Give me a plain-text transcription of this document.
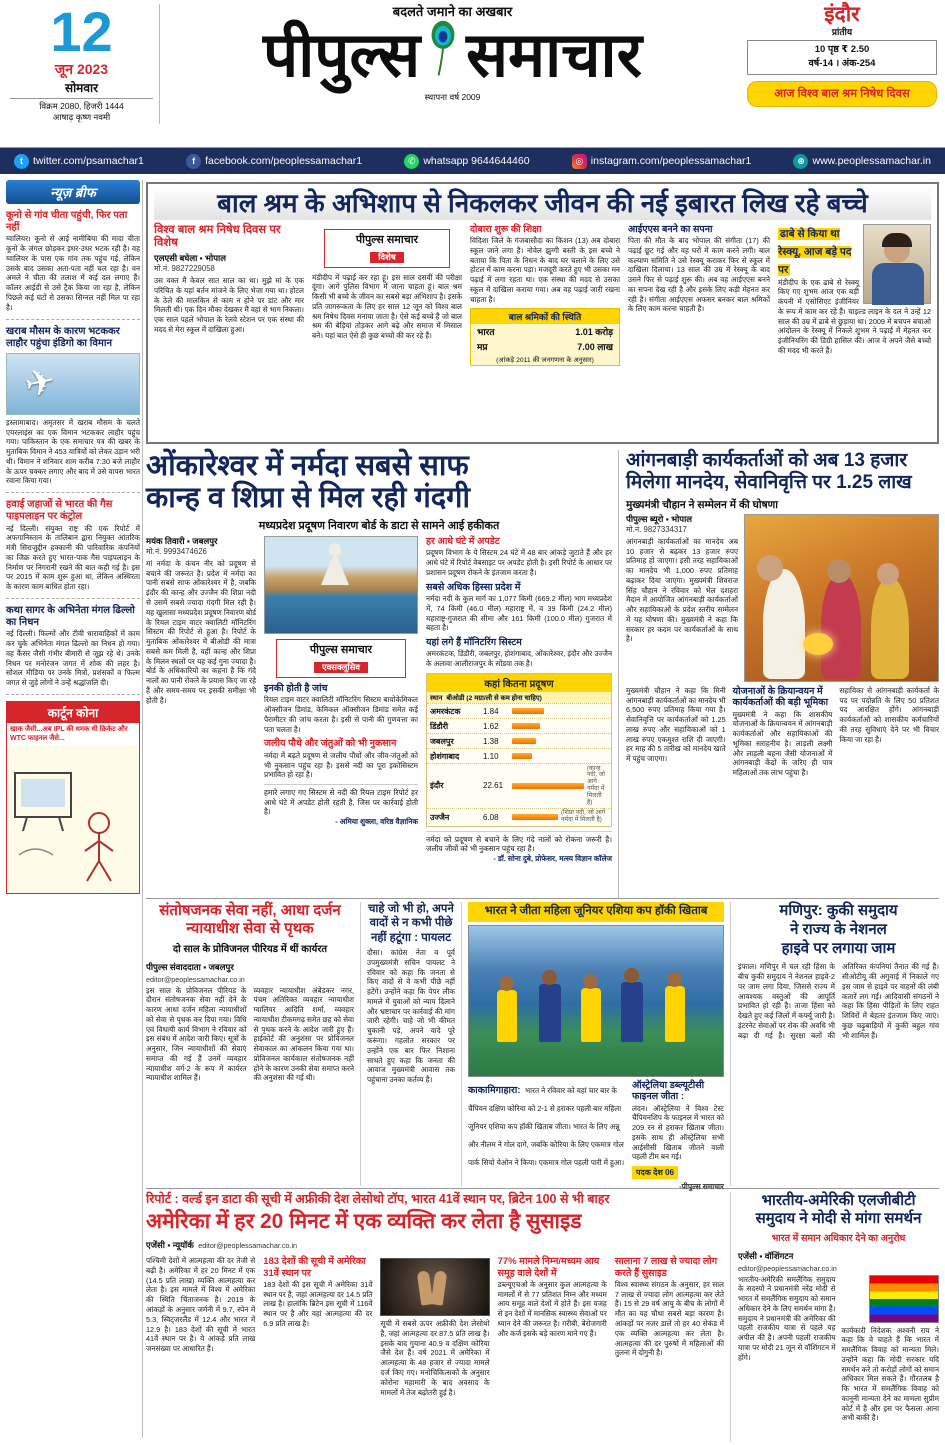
12
जून 2023
सोमवार
विक्रम 2080, हिजरी 1444
आषाढ़ कृष्ण नवमी
बदलते जमाने का अखबार
पीपुल्स समाचार
स्थापना वर्ष 2009
इंदौर
प्रांतीय
10 पृष्ठ ₹ 2.50
वर्ष-14 । अंक-254
आज विश्व बाल श्रम निषेध दिवस
t twitter.com/psamachar1	f facebook.com/peoplessamachar1	✆ whatsapp 9644644460	◎ instagram.com/peoplessamachar1	⊕ www.peoplessamachar.in
न्यूज़ ब्रीफ
कूनो से गांव चीता पहुंची, फिर पता नहीं
ग्वालियर। कूनो से आई नामीबिया की मादा चीता कूनो के जंगल छोड़कर इधर-उधर भटक रही है। वह ग्वालियर के पास एक गांव तक पहुंच गई, लेकिन उसके बाद उसका अता-पता नहीं चल रहा है। वन अमले ने चीता की तलाश में कई दल लगाए हैं। कॉलर आईडी से उसे ट्रैक किया जा रहा है, लेकिन पिछले कई घंटों से उसका सिग्नल नहीं मिल पा रहा है।
खराब मौसम के कारण भटककर लाहौर पहुंचा इंडिगो का विमान
✈
इस्लामाबाद। अमृतसर में खराब मौसम के चलते एयरलाइंस का एक विमान भटककर लाहौर पहुंच गया। पाकिस्तान के एक समाचार पत्र की खबर के मुताबिक विमान ने 453 यात्रियों को लेकर उड़ान भरी थी। विमान ने शनिवार शाम करीब 7:30 बजे लाहौर के ऊपर चक्कर लगाए और बाद में उसे वापस भारत रवाना किया गया।
हवाई जहाजों से भारत की गैस पाइपलाइन पर कंट्रोल
नई दिल्ली। संयुक्त राष्ट्र की एक रिपोर्ट में अफगानिस्तान के तालिबान द्वारा नियुक्त आंतरिक मंत्री सिराजुद्दीन हक्कानी की पारिवारिक कंपनियों का जिक्र करते हुए भारत-पाक गैस पाइपलाइन के निर्माण पर निगरानी रखने की बात कही गई है। इस पर 2015 में काम शुरू हुआ था, लेकिन अस्थिरता के कारण काम बाधित होता रहा।
कथा सागर के अभिनेता मंगल ढिल्लो का निधन
नई दिल्ली। फिल्मों और टीवी धारावाहिकों में काम कर चुके अभिनेता मंगल ढिल्लो का निधन हो गया। वह कैंसर जैसी गंभीर बीमारी से जूझ रहे थे। उनके निधन पर मनोरंजन जगत में शोक की लहर है। सोशल मीडिया पर उनके मित्रों, प्रशंसकों व फिल्म जगत से जुड़े लोगों ने उन्हें श्रद्धांजलि दी।
कार्टून कोना
खाक जैसी...अब IPL की धमक थी क्रिकेट और WTC फाइनल जैसे...
बाल श्रम के अभिशाप से निकलकर जीवन की नई इबारत लिख रहे बच्चे
विश्व बाल श्रम निषेध दिवस पर विशेष
एलएसी बघेला ▪ भोपाल
मो.नं. 9827229058
उस वक्त मैं केवल सात साल का था। मुझे मां के एक परिचित के यहां बर्तन मांजने के लिए भेजा गया था। होटल के ठेले की मालकिन से काम न होने पर डांट और मार मिलती थी। एक दिन मौका देखकर मैं वहां से भाग निकला। एक साल पहले भोपाल के रेलवे स्टेशन पर एक संस्था की मदद से मेरा स्कूल में दाखिला हुआ।
पीपुल्स समाचार
विशेष
मंडीदीप में पढ़ाई कर रहा हूं। इस साल दसवीं की परीक्षा दूंगा। आगे पुलिस विभाग में जाना चाहता हूं। बाल श्रम किसी भी बच्चे के जीवन का सबसे बड़ा अभिशाप है। इसके प्रति जागरूकता के लिए हर साल 12 जून को विश्व बाल श्रम निषेध दिवस मनाया जाता है। ऐसे कई बच्चे हैं जो बाल श्रम की बेड़ियां तोड़कर आगे बढ़े और समाज में मिसाल बने। यहां बात ऐसे ही कुछ बच्चों की कर रहे हैं।
दोबारा शुरू की शिक्षा
विदिशा जिले के गंजबासौदा का किशन (13) अब दोबारा स्कूल जाने लगा है। नोवेल झुग्गी बस्ती के इस बच्चे ने बताया कि पिता के निधन के बाद घर चलाने के लिए उसे होटल में काम करना पड़ा। मजदूरी करते हुए भी उसका मन पढ़ाई में लगा रहता था। एक संस्था की मदद से उसका स्कूल में दाखिला कराया गया। अब वह पढ़ाई जारी रखना चाहता है।
बाल श्रमिकों की स्थिति
भारत	1.01 करोड़
मप्र	7.00 लाख
(आंकड़े 2011 की जनगणना के अनुसार)
आईएएस बनने का सपना
पिता की मौत के बाद भोपाल की संगीता (17) की पढ़ाई छूट गई और वह घरों में काम करने लगी। बाल कल्याण समिति ने उसे रेस्क्यू कराकर फिर से स्कूल में दाखिला दिलाया। 13 साल की उम्र में रेस्क्यू के बाद उसने फिर से पढ़ाई शुरू की। अब वह आईएएस बनने का सपना देख रही है और इसके लिए कड़ी मेहनत कर रही है। संगीता आईएएस अफसर बनकर बाल श्रमिकों के लिए काम करना चाहती है।
ढाबे से किया था रेस्क्यू, आज बड़े पद पर
मंडीदीप के एक ढाबे से रेस्क्यू किए गए शुभम आज एक बड़ी कंपनी में एसोसिएट इंजीनियर के रूप में काम कर रहे हैं। चाइल्ड लाइन के दल ने उन्हें 12 साल की उम्र में ढाबे से छुड़ाया था। 2009 में बचपन बचाओ आंदोलन के रेस्क्यू में निकले शुभम ने पढ़ाई में मेहनत कर इंजीनियरिंग की डिग्री हासिल की। आज वे अपने जैसे बच्चों की मदद भी करते हैं।
ओंकारेश्वर में नर्मदा सबसे साफ
कान्ह व शिप्रा से मिल रही गंदगी
मध्यप्रदेश प्रदूषण निवारण बोर्ड के डाटा से सामने आई हकीकत
मयंक तिवारी ▪ जबलपुर
मो.नं. 9993474626
मां नर्मदा के कंचन नीर को प्रदूषण से बचाने की जरूरत है। प्रदेश में नर्मदा का पानी सबसे साफ ओंकारेश्वर में है, जबकि इंदौर की कान्ह और उज्जैन की शिप्रा नदी से उसमें सबसे ज्यादा गंदगी मिल रही है। यह खुलासा मध्यप्रदेश प्रदूषण निवारण बोर्ड के रियल टाइम वाटर क्वालिटी मॉनिटरिंग सिस्टम की रिपोर्ट से हुआ है। रिपोर्ट के मुताबिक ओंकारेश्वर में बीओडी की मात्रा सबसे कम मिली है, वहीं कान्ह और शिप्रा के मिलन स्थलों पर यह कई गुना ज्यादा है। बोर्ड के अधिकारियों का कहना है कि गंदे नालों का पानी रोकने के प्रयास किए जा रहे हैं और समय-समय पर इसकी समीक्षा भी होती है।
पीपुल्स समाचार
एक्सक्लूसिव
इनकी होती है जांच
रियल टाइम वाटर क्वालिटी मॉनिटरिंग सिस्टम बायोकेमिकल ऑक्सीजन डिमांड, केमिकल ऑक्सीजन डिमांड समेत कई पैरामीटर की जांच करता है। इसी से पानी की गुणवत्ता का पता चलता है।
जलीय पौधे और जंतुओं को भी नुकसान
नर्मदा में बढ़ते प्रदूषण से जलीय पौधों और जीव-जंतुओं को भी नुकसान पहुंच रहा है। इससे नदी का पूरा इकोसिस्टम प्रभावित हो रहा है।
हमारे लगाए गए सिस्टम से नदी की रियल टाइम रिपोर्ट हर आधे घंटे में अपडेट होती रहती है, जिस पर कार्रवाई होती है।
- अमिया शुक्ला, वरिष्ठ वैज्ञानिक
हर आधे घंटे में अपडेट
प्रदूषण विभाग के ये सिस्टम 24 घंटे में 48 बार आंकड़े जुटाते हैं और हर आधे घंटे में रिपोर्ट वेबसाइट पर अपडेट होती है। इसी रिपोर्ट के आधार पर प्रशासन प्रदूषण रोकने के इंतजाम करता है।
सबसे अधिक हिस्सा प्रदेश में
नर्मदा नदी के कुल मार्ग का 1,077 किमी (669.2 मील) भाग मध्यप्रदेश में, 74 किमी (46.0 मील) महाराष्ट्र में, व 39 किमी (24.2 मील) महाराष्ट्र-गुजरात की सीमा और 161 किमी (100.0 मील) गुजरात में बहता है।
यहां लगे हैं मॉनिटरिंग सिस्टम
अमरकंटक, डिंडौरी, जबलपुर, होशंगाबाद, ओंकारेश्वर, इंदौर और उज्जैन के अलावा आलीराजपुर के सोंडवा तक है।
कहां कितना प्रदूषण
स्थान बीओडी (2 मग्रा/ली से कम होना चाहिए)
अमरकंटक	1.84
डिंडौरी	1.62
जबलपुर	1.38
होशंगाबाद	1.10
इंदौर	22.61
(कान्ह नदी, जो आगे नर्मदा में मिलती है)
उज्जैन	6.08	(शिप्रा नदी, जो आगे नर्मदा में मिलती है)
नर्मदा को प्रदूषण से बचाने के लिए गंदे नालों को रोकना जरूरी है। जलीय जीवों को भी नुकसान पहुंच रहा है।
- डॉ. सोना दुबे, प्रोफेसर, मत्स्य विज्ञान कॉलेज
आंगनबाड़ी कार्यकर्ताओं को अब 13 हजार
मिलेगा मानदेय, सेवानिवृत्ति पर 1.25 लाख
मुख्यमंत्री चौहान ने सम्मेलन में की घोषणा
पीपुल्स ब्यूरो ▪ भोपाल
मो.नं. 9827334317
आंगनबाड़ी कार्यकर्ताओं का मानदेय अब 10 हजार से बढ़कर 13 हजार रुपए प्रतिमाह हो जाएगा। इसी तरह सहायिकाओं का मानदेय भी 1,000 रुपए प्रतिमाह बढ़ाकर दिया जाएगा। मुख्यमंत्री शिवराज सिंह चौहान ने रविवार को भेल दशहरा मैदान में आयोजित आंगनबाड़ी कार्यकर्ताओं और सहायिकाओं के प्रदेश स्तरीय सम्मेलन में यह घोषणा की। मुख्यमंत्री ने कहा कि सरकार हर कदम पर कार्यकर्ताओं के साथ है।
मुख्यमंत्री चौहान ने कहा कि मिनी आंगनबाड़ी कार्यकर्ताओं का मानदेय भी 6,500 रुपए प्रतिमाह किया गया है। सेवानिवृत्ति पर कार्यकर्ताओं को 1.25 लाख रुपए और सहायिकाओं को 1 लाख रुपए एकमुश्त राशि दी जाएगी। हर माह की 5 तारीख को मानदेय खाते में पहुंच जाएगा।
योजनाओं के क्रियान्वयन में कार्यकर्ताओं की बड़ी भूमिका
मुख्यमंत्री ने कहा कि शासकीय योजनाओं के क्रियान्वयन में आंगनबाड़ी कार्यकर्ताओं और सहायिकाओं की भूमिका सराहनीय है। लाड़ली लक्ष्मी और लाड़ली बहना जैसी योजनाओं में आंगनबाड़ी केंद्रों के जरिए ही पात्र महिलाओं तक लाभ पहुंचा है।
सहायिका से आंगनबाड़ी कार्यकर्ता के पद पर पदोन्नति के लिए 50 प्रतिशत पद आरक्षित होंगे। आंगनबाड़ी कार्यकर्ताओं को शासकीय कर्मचारियों की तरह सुविधाएं देने पर भी विचार किया जा रहा है।
संतोषजनक सेवा नहीं, आधा दर्जन न्यायाधीश सेवा से पृथक
दो साल के प्रोविजनल पीरियड में थीं कार्यरत
पीपुल्स संवाददाता ▪ जबलपुर
editor@peoplessamachar.co.in
इस साल के प्रोविजनल पीरियड के दौरान संतोषजनक सेवा नहीं देने के कारण आधा दर्जन महिला न्यायाधीशों को सेवा से पृथक कर दिया गया। विधि एवं विधायी कार्य विभाग ने रविवार को इस संबंध में आदेश जारी किए। सूत्रों के अनुसार, जिन न्यायाधीशों की सेवाएं समाप्त की गई हैं उनमें व्यवहार न्यायाधीश वर्ग-2 के रूप में कार्यरत न्यायाधीश शामिल हैं।
व्यवहार न्यायाधीश अंबेडकर नगर, पंचम अतिरिक्त व्यवहार न्यायाधीश ग्वालियर आदिति शर्मा, व्यवहार न्यायाधीश टीकमगढ़ समेत छह को सेवा से पृथक करने के आदेश जारी हुए हैं। हाईकोर्ट की अनुशंसा पर प्रोविजनल सेवाकाल का आंकलन किया गया था। प्रोविजनल कार्यकाल संतोषजनक नहीं होने के कारण उनकी सेवा समाप्त करने की अनुशंसा की गई थी।
चाहे जो भी हो, अपने वादों से न कभी पीछे नहीं हटूंगा : पायलट
दौसा। कांग्रेस नेता व पूर्व उपमुख्यमंत्री सचिन पायलट ने रविवार को कहा कि जनता से किए वादों से वे कभी पीछे नहीं हटेंगे। उन्होंने कहा कि पेपर लीक मामले में युवाओं को न्याय दिलाने और भ्रष्टाचार पर कार्रवाई की मांग जारी रहेगी। चाहे जो भी कीमत चुकानी पड़े, अपने वादे पूरे करूंगा। गहलोत सरकार पर उन्होंने एक बार फिर निशाना साधते हुए कहा कि जनता की आवाज मुख्यमंत्री आवास तक पहुंचाना उनका कर्तव्य है।
भारत ने जीता महिला जूनियर एशिया कप हॉकी खिताब
काकामिगाहारा: भारत ने रविवार को यहां चार बार के चैंपियन दक्षिण कोरिया को 2-1 से हराकर पहली बार महिला जूनियर एशिया कप हॉकी खिताब जीता। भारत के लिए अन्नू और नीलम ने गोल दागे, जबकि कोरिया के लिए एकमात्र गोल पार्क सियो येओन ने किया। एकमात्र गोल पहली पारी में हुआ।
ऑस्ट्रेलिया डब्ल्यूटीसी फाइनल जीता :
लंदन। ऑस्ट्रेलिया ने विश्व टेस्ट चैंपियनशिप के फाइनल में भारत को 209 रन से हराकर खिताब जीता। इसके साथ ही ऑस्ट्रेलिया सभी आईसीसी खिताब जीतने वाली पहली टीम बन गई।
पदक देश 06
-पीपुल्स समाचार
मणिपुर: कुकी समुदाय
ने राज्य के नेशनल
हाइवे पर लगाया जाम
इंफाल। मणिपुर में चल रही हिंसा के बीच कुकी समुदाय ने नेशनल हाइवे-2 पर जाम लगा दिया, जिससे राज्य में आवश्यक वस्तुओं की आपूर्ति प्रभावित हो रही है। ताजा हिंसा को देखते हुए कई जिलों में कर्फ्यू जारी है। इंटरनेट सेवाओं पर रोक की अवधि भी बढ़ा दी गई है। सुरक्षा बलों की अतिरिक्त कंपनियां तैनात की गई हैं। सीओटीयू की अगुवाई में निकाले गए इस जाम से हाइवे पर वाहनों की लंबी कतारें लग गईं। आदिवासी संगठनों ने कहा कि हिंसा पीड़ितों के लिए राहत शिविरों में बेहतर इंतजाम किए जाएं। कुछ चढ़ूबाड़ियों में कुकी बहुल गांव भी शामिल हैं।
रिपोर्ट : वर्ल्ड इन डाटा की सूची में अफ्रीकी देश लेसोथो टॉप, भारत 41वें स्थान पर, ब्रिटेन 100 से भी बाहर
अमेरिका में हर 20 मिनट में एक व्यक्ति कर लेता है सुसाइड
एजेंसी ▪ न्यूयॉर्क editor@peoplessamachar.co.in
पश्चिमी देशों में आत्महत्या की दर तेजी से बढ़ी है। अमेरिका में हर 20 मिनट में एक (14.5 प्रति लाख) व्यक्ति आत्महत्या कर लेता है। इस मामले में विश्व में अमेरिका की स्थिति चिंताजनक है। 2019 के आंकड़ों के अनुसार जर्मनी में 9.7, स्पेन में 5.3, स्विट्जरलैंड में 12.4 और भारत में 12.9 है। 183 देशों की सूची में भारत 41वें स्थान पर है। ये आंकड़े प्रति लाख जनसंख्या पर आधारित हैं।
183 देशों की सूची में अमेरिका 31वें स्थान पर
183 देशों की इस सूची में अमेरिका 31वें स्थान पर है, जहां आत्महत्या दर 14.5 प्रति लाख है। हालांकि ब्रिटेन इस सूची में 116वें स्थान पर है और वहां आत्महत्या की दर 6.9 प्रति लाख है।	सूची में सबसे ऊपर अफ्रीकी देश लेसोथो है, जहां आत्महत्या दर 87.5 प्रति लाख है। इसके बाद गुयाना 40.9 व दक्षिण कोरिया जैसे देश हैं। वर्ष 2021 में अमेरिका में आत्महत्या के 48 हजार से ज्यादा मामले दर्ज किए गए। मनोचिकित्सकों के अनुसार कोरोना महामारी के बाद अवसाद के मामलों में तेज बढ़ोतरी हुई है।
77% मामले निम्न/मध्यम आय समूह वाले देशों में
डब्ल्यूएचओ के अनुसार कुल आत्महत्या के मामलों में से 77 प्रतिशत निम्न और मध्यम आय समूह वाले देशों में होते हैं। इस वजह से इन देशों में मानसिक स्वास्थ्य सेवाओं पर ध्यान देने की जरूरत है। गरीबी, बेरोजगारी और कर्ज इसके बड़े कारण माने गए हैं।
सालाना 7 लाख से ज्यादा लोग करते हैं सुसाइड
विश्व स्वास्थ्य संगठन के अनुसार, हर साल 7 लाख से ज्यादा लोग आत्महत्या कर लेते हैं। 15 से 29 वर्ष आयु के बीच के लोगों में मौत का यह चौथा सबसे बड़ा कारण है। आंकड़ों पर नजर डालें तो हर 40 सेकंड में एक व्यक्ति आत्महत्या कर लेता है। आत्महत्या की दर पुरुषों में महिलाओं की तुलना में दोगुनी है।
भारतीय-अमेरिकी एलजीबीटी
समुदाय ने मोदी से मांगा समर्थन
भारत में समान अधिकार देने का अनुरोध
एजेंसी ▪ वॉशिंगटन
editor@peoplessamachar.co.in
भारतीय-अमेरिकी समलैंगिक समुदाय के सदस्यों ने प्रधानमंत्री नरेंद्र मोदी से भारत में समलैंगिक समुदाय को समान अधिकार देने के लिए समर्थन मांगा है। समुदाय ने प्रधानमंत्री की अमेरिका की पहली राजकीय यात्रा से पहले यह अपील की है। अपनी पहली राजकीय यात्रा पर मोदी 21 जून से वॉशिंगटन में होंगे।
कार्यकारी निदेशक अश्वनी राय ने कहा कि वे चाहते हैं कि भारत में समलैंगिक विवाह को मान्यता मिले। उन्होंने कहा कि मोदी सरकार यदि समर्थन करे तो करोड़ों लोगों को समान अधिकार मिल सकते हैं। गौरतलब है कि भारत में समलैंगिक विवाह को कानूनी मान्यता देने का मामला सुप्रीम कोर्ट में है और इस पर फैसला आना अभी बाकी है।
